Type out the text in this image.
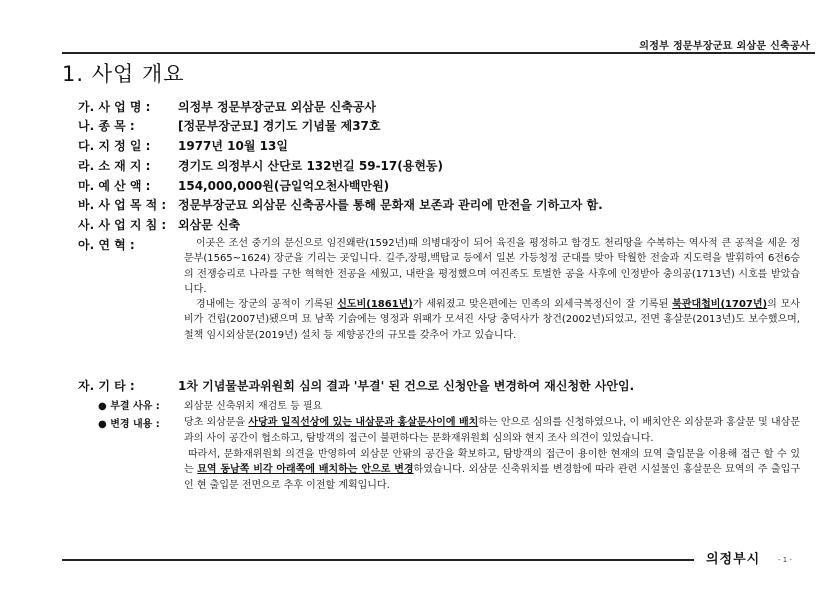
의정부 정문부장군묘 외삼문 신축공사
1. 사업 개요
가. 사 업 명 : 의정부 정문부장군묘 외삼문 신축공사
나. 종 목 :	[정문부장군묘] 경기도 기념물 제37호
다. 지 정 일 : 1977년 10월 13일
라. 소 재 지 : 경기도 의정부시 산단로 132번길 59-17(용현동)
마. 예 산 액 : 154,000,000원(금일억오천사백만원)
바. 사 업 목 적 : 정문부장군묘 외삼문 신축공사를 통해 문화재 보존과 관리에 만전을 기하고자 함.
사. 사 업 지 침 : 외삼문 신축
아. 연 혁 :	이곳은 조선 중기의 문신으로 임진왜란(1592년)때 의병대장이 되어 육진을 평정하고 함경도 천리땅을 수복하는 역사적 큰 공적을 세운 정문부(1565~1624) 장군을 기리는 곳입니다. 길주,장평,백탑교 등에서 일본 가등청정 군대를 맞아 탁월한 전술과 지도력을 발휘하여 6전6승의 전쟁승리로 나라를 구한 혁혁한 전공을 세웠고, 내란을 평정했으며 여진족도 토벌한 공을 사후에 인정받아 충의공(1713년) 시호를 받았습니다.

경내에는 장군의 공적이 기록된 신도비(1861년)가 세워졌고 맞은편에는 민족의 외세극복정신이 잘 기록된 북관대첩비(1707년)의 모사비가 건립(2007년)됐으며 묘 남쪽 기슭에는 영정과 위패가 모셔진 사당 충덕사가 창건(2002년)되었고, 전면 홍살문(2013년)도 보수했으며, 철책 임시외삼문(2019년) 설치 등 제향공간의 규모를 갖추어 가고 있습니다.

자. 기 타 :	1차 기념물분과위원회 심의 결과 '부결' 된 건으로 신청안을 변경하여 재신청한 사안임.
● 부결 사유 : 외삼문 신축위치 재검토 등 필요
● 변경 내용 : 당초 외삼문을 사당과 일직선상에 있는 내삼문과 홍살문사이에 배치하는 안으로 심의를 신청하였으나, 이 배치안은 외삼문과 홍살문 및 내삼문과의 사이 공간이 협소하고, 탐방객의 접근이 불편하다는 문화재위원회 심의와 현지 조사 의견이 있었습니다.

따라서, 문화재위원회 의견을 반영하여 외삼문 안팎의 공간을 확보하고, 탐방객의 접근이 용이한 현재의 묘역 출입문을 이용해 접근 할 수 있는 묘역 동남쪽 비각 아래쪽에 배치하는 안으로 변경하였습니다. 외삼문 신축위치를 변경함에 따라 관련 시설물인 홍살문은 묘역의 주 출입구인 현 출입문 전면으로 추후 이전할 계획입니다.

의정부시	- 1 -
